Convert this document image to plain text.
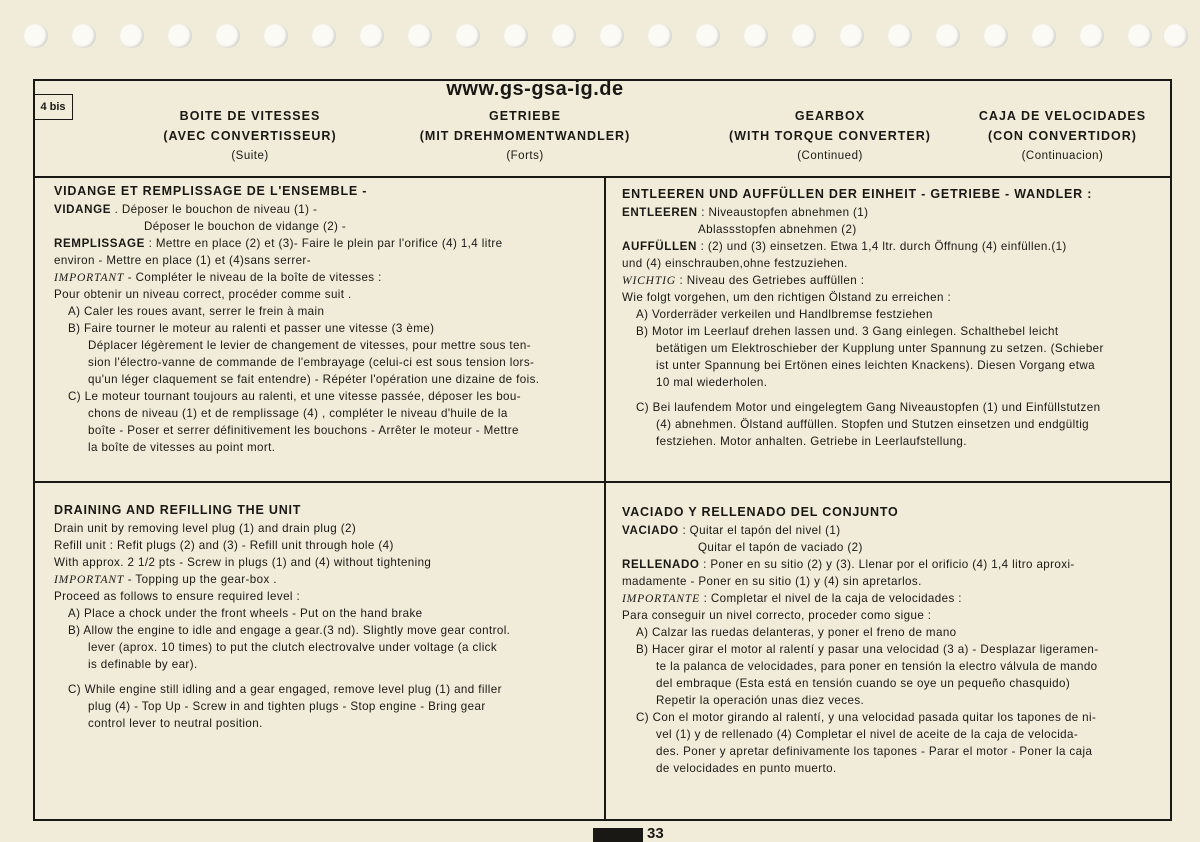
4 bis
www.gs-gsa-ig.de
BOITE DE VITESSES
(AVEC CONVERTISSEUR)
(Suite)
GETRIEBE
(MIT DREHMOMENTWANDLER)
(Forts)
GEARBOX
(WITH TORQUE CONVERTER)
(Continued)
CAJA DE VELOCIDADES
(CON CONVERTIDOR)
(Continuacion)

VIDANGE ET REMPLISSAGE DE L'ENSEMBLE -

VIDANGE . Déposer le bouchon de niveau (1) -

Déposer le bouchon de vidange (2) -

REMPLISSAGE : Mettre en place (2) et (3)- Faire le plein par l'orifice (4) 1,4 litre

environ - Mettre en place (1) et (4)sans serrer-

IMPORTANT - Compléter le niveau de la boîte de vitesses :

Pour obtenir un niveau correct, procéder comme suit .

A) Caler les roues avant, serrer le frein à main

B) Faire tourner le moteur au ralenti et passer une vitesse (3 ème)

Déplacer légèrement le levier de changement de vitesses, pour mettre sous ten-

sion l'électro-vanne de commande de l'embrayage (celui-ci est sous tension lors-

qu'un léger claquement se fait entendre) - Répéter l'opération une dizaine de fois.

C) Le moteur tournant toujours au ralenti, et une vitesse passée, déposer les bou-

chons de niveau (1) et de remplissage (4) , compléter le niveau d'huile de la

boîte - Poser et serrer définitivement les bouchons - Arrêter le moteur - Mettre

la boîte de vitesses au point mort.

ENTLEEREN UND AUFFÜLLEN DER EINHEIT - GETRIEBE - WANDLER :

ENTLEEREN : Niveaustopfen abnehmen (1)

Ablassstopfen abnehmen (2)

AUFFÜLLEN : (2) und (3) einsetzen. Etwa 1,4 ltr. durch Öffnung (4) einfüllen.(1)

und (4) einschrauben,ohne festzuziehen.

WICHTIG : Niveau des Getriebes auffüllen :

Wie folgt vorgehen, um den richtigen Ölstand zu erreichen :

A) Vorderräder verkeilen und Handlbremse festziehen

B) Motor im Leerlauf drehen lassen und. 3 Gang einlegen. Schalthebel leicht

betätigen um Elektroschieber der Kupplung unter Spannung zu setzen. (Schieber

ist unter Spannung bei Ertönen eines leichten Knackens). Diesen Vorgang etwa

10 mal wiederholen.

C) Bei laufendem Motor und eingelegtem Gang Niveaustopfen (1) und Einfüllstutzen

(4) abnehmen. Ölstand auffüllen. Stopfen und Stutzen einsetzen und endgültig

festziehen. Motor anhalten. Getriebe in Leerlaufstellung.

DRAINING AND REFILLING THE UNIT

Drain unit by removing level plug (1) and drain plug (2)

Refill unit : Refit plugs (2) and (3) - Refill unit through hole (4)

With approx. 2 1/2 pts - Screw in plugs (1) and (4) without tightening

IMPORTANT - Topping up the gear-box .

Proceed as follows to ensure required level :

A) Place a chock under the front wheels - Put on the hand brake

B) Allow the engine to idle and engage a gear.(3 nd). Slightly move gear control.

lever (aprox. 10 times) to put the clutch electrovalve under voltage (a click

is definable by ear).

C) While engine still idling and a gear engaged, remove level plug (1) and filler

plug (4) - Top Up - Screw in and tighten plugs - Stop engine - Bring gear

control lever to neutral position.

VACIADO Y RELLENADO DEL CONJUNTO

VACIADO : Quitar el tapón del nivel (1)

Quitar el tapón de vaciado (2)

RELLENADO : Poner en su sitio (2) y (3). Llenar por el orificio (4) 1,4 litro aproxi-

madamente - Poner en su sitio (1) y (4) sin apretarlos.

IMPORTANTE : Completar el nivel de la caja de velocidades :

Para conseguir un nivel correcto, proceder como sigue :

A) Calzar las ruedas delanteras, y poner el freno de mano

B) Hacer girar el motor al ralentí y pasar una velocidad (3 a) - Desplazar ligeramen-

te la palanca de velocidades, para poner en tensión la electro válvula de mando

del embraque (Esta está en tensión cuando se oye un pequeño chasquido)

Repetir la operación unas diez veces.

C) Con el motor girando al ralentí, y una velocidad pasada quitar los tapones de ni-

vel (1) y de rellenado (4) Completar el nivel de aceite de la caja de velocida-

des. Poner y apretar definivamente los tapones - Parar el motor - Poner la caja

de velocidades en punto muerto.

33
